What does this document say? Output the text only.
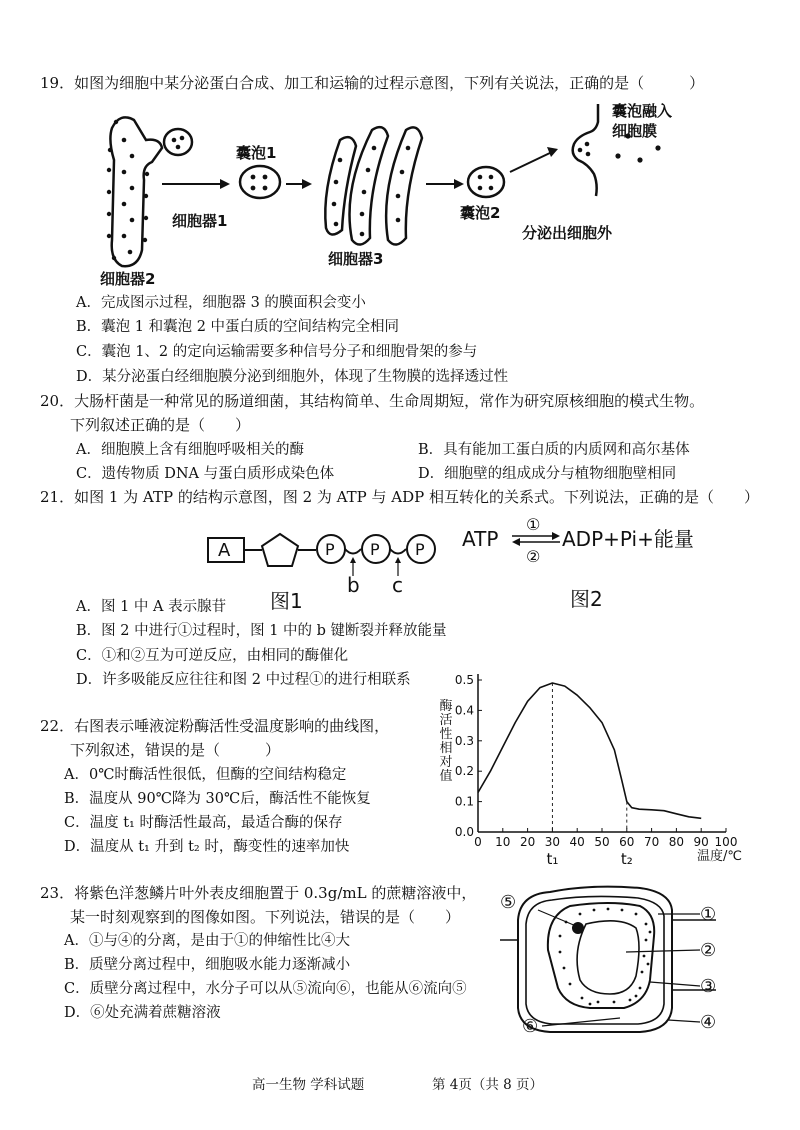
19．如图为细胞中某分泌蛋白合成、加工和运输的过程示意图，下列有关说法，正确的是（　　　）
囊泡1
细胞器1
细胞器2
细胞器3
囊泡2
囊泡融入
细胞膜
分泌出细胞外
A．完成图示过程，细胞器 3 的膜面积会变小
B．囊泡 1 和囊泡 2 中蛋白质的空间结构完全相同
C．囊泡 1、2 的定向运输需要多种信号分子和细胞骨架的参与
D．某分泌蛋白经细胞膜分泌到细胞外，体现了生物膜的选择透过性
20．大肠杆菌是一种常见的肠道细菌，其结构简单、生命周期短，常作为研究原核细胞的模式生物。
下列叙述正确的是（　　）
A．细胞膜上含有细胞呼吸相关的酶	B．具有能加工蛋白质的内质网和高尔基体
C．遗传物质 DNA 与蛋白质形成染色体	D．细胞壁的组成成分与植物细胞壁相同
21．如图 1 为 ATP 的结构示意图，图 2 为 ATP 与 ADP 相互转化的关系式。下列说法，正确的是（　　）
A	P P P
b c
图1
ATP
①
②
ADP+Pi+能量
图2
A．图 1 中 A 表示腺苷
B．图 2 中进行①过程时，图 1 中的 b 键断裂并释放能量
C．①和②互为可逆反应，由相同的酶催化
D．许多吸能反应往往和图 2 中过程①的进行相联系
22．右图表示唾液淀粉酶活性受温度影响的曲线图，
下列叙述，错误的是（　　　）
A．0℃时酶活性很低，但酶的空间结构稳定
B．温度从 90℃降为 30℃后，酶活性不能恢复
C．温度 t₁ 时酶活性最高，最适合酶的保存
D．温度从 t₁ 升到 t₂ 时，酶变性的速率加快	0 10 20 30 40 50 60 70 80 90 100
0.0
0.1
0.2
0.3
0.4
0.5
酶活性相对值
温度/℃
t₁	t₂
23．将紫色洋葱鳞片叶外表皮细胞置于 0.3g/mL 的蔗糖溶液中，
某一时刻观察到的图像如图。下列说法，错误的是（　　）
A．①与④的分离，是由于①的伸缩性比④大
B．质壁分离过程中，细胞吸水能力逐渐减小
C．质壁分离过程中，水分子可以从⑤流向⑥，也能从⑥流向⑤
D．⑥处充满着蔗糖溶液
⑤
①
②
③
④
⑥
高一生物 学科试题	第 4页（共 8 页）
